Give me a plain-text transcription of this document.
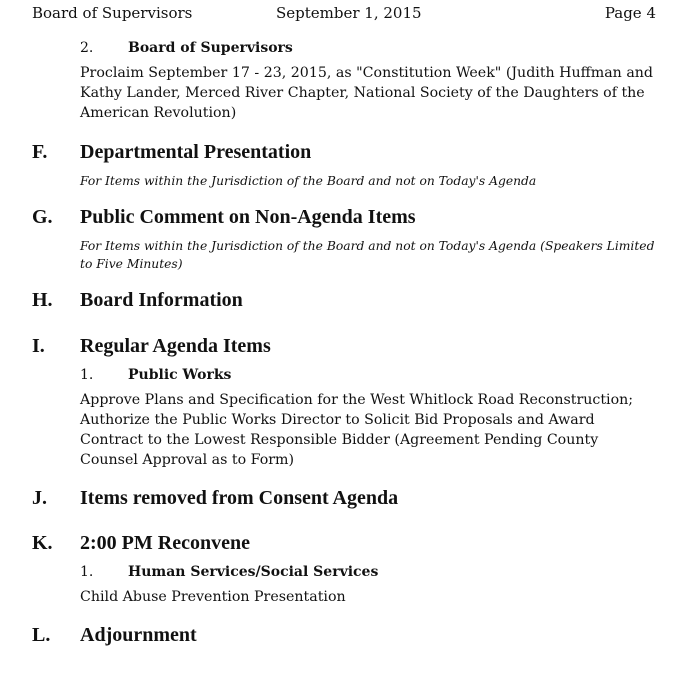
Board of Supervisors	September 1, 2015	Page 4
2. Board of Supervisors

Proclaim September 17 - 23, 2015, as "Constitution Week" (Judith Huffman and Kathy Lander, Merced River Chapter, National Society of the Daughters of the American Revolution)

F. Departmental Presentation

For Items within the Jurisdiction of the Board and not on Today's Agenda

G. Public Comment on Non-Agenda Items

For Items within the Jurisdiction of the Board and not on Today's Agenda (Speakers Limited to Five Minutes)

H. Board Information
I. Regular Agenda Items
1. Public Works

Approve Plans and Specification for the West Whitlock Road Reconstruction; Authorize the Public Works Director to Solicit Bid Proposals and Award Contract to the Lowest Responsible Bidder (Agreement Pending County Counsel Approval as to Form)

J. Items removed from Consent Agenda
K. 2:00 PM Reconvene
1. Human Services/Social Services

Child Abuse Prevention Presentation

L. Adjournment
